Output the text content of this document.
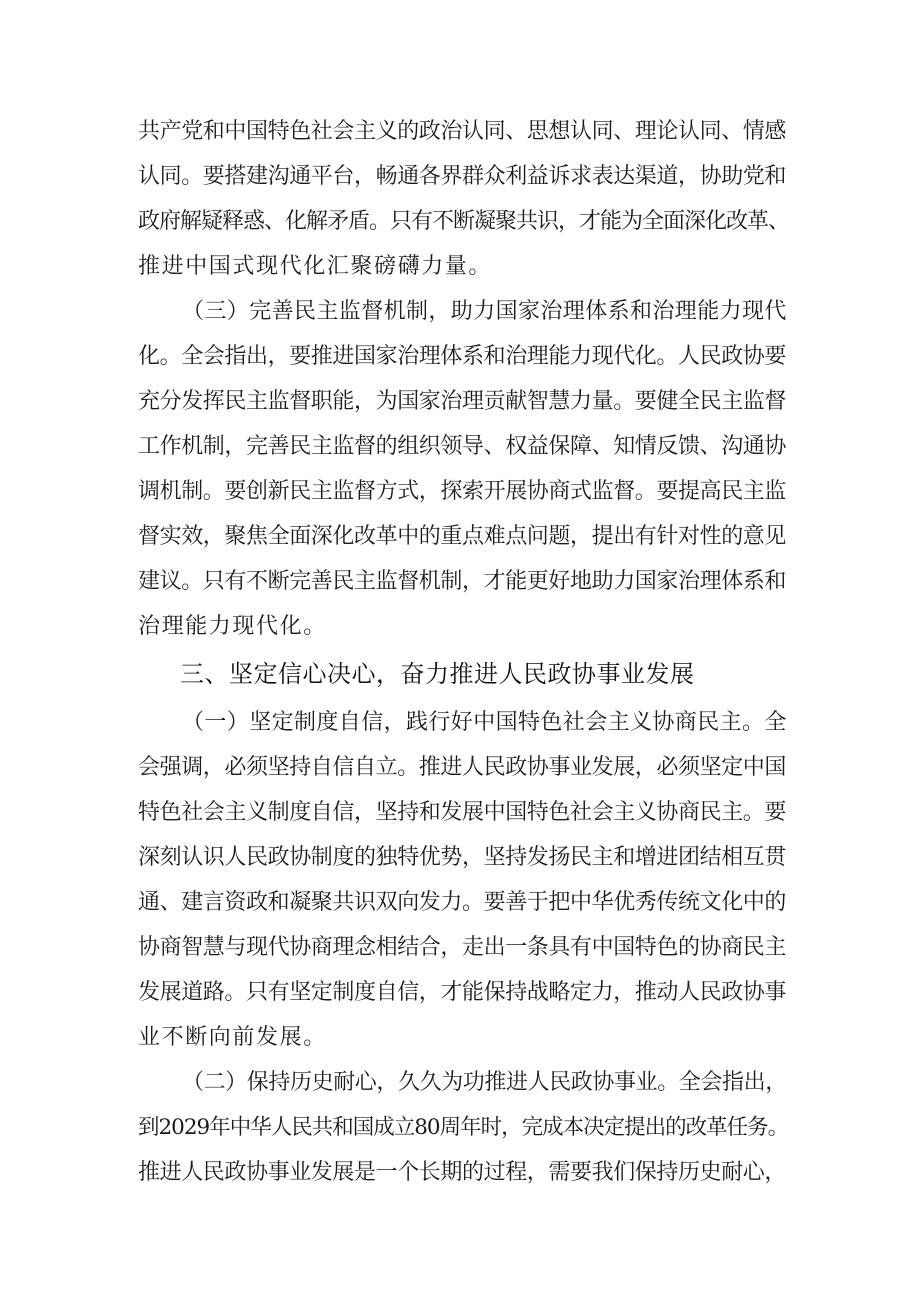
共产党和中国特色社会主义的政治认同、思想认同、理论认同、情感
认同。要搭建沟通平台，畅通各界群众利益诉求表达渠道，协助党和
政府解疑释惑、化解矛盾。只有不断凝聚共识，才能为全面深化改革、
推进中国式现代化汇聚磅礴力量。
（三）完善民主监督机制，助力国家治理体系和治理能力现代
化。全会指出，要推进国家治理体系和治理能力现代化。人民政协要
充分发挥民主监督职能，为国家治理贡献智慧力量。要健全民主监督
工作机制，完善民主监督的组织领导、权益保障、知情反馈、沟通协
调机制。要创新民主监督方式，探索开展协商式监督。要提高民主监
督实效，聚焦全面深化改革中的重点难点问题，提出有针对性的意见
建议。只有不断完善民主监督机制，才能更好地助力国家治理体系和
治理能力现代化。
三、坚定信心决心，奋力推进人民政协事业发展
（一）坚定制度自信，践行好中国特色社会主义协商民主。全
会强调，必须坚持自信自立。推进人民政协事业发展，必须坚定中国
特色社会主义制度自信，坚持和发展中国特色社会主义协商民主。要
深刻认识人民政协制度的独特优势，坚持发扬民主和增进团结相互贯
通、建言资政和凝聚共识双向发力。要善于把中华优秀传统文化中的
协商智慧与现代协商理念相结合，走出一条具有中国特色的协商民主
发展道路。只有坚定制度自信，才能保持战略定力，推动人民政协事
业不断向前发展。
（二）保持历史耐心，久久为功推进人民政协事业。全会指出，
到2029年中华人民共和国成立80周年时，完成本决定提出的改革任务。
推进人民政协事业发展是一个长期的过程，需要我们保持历史耐心，
